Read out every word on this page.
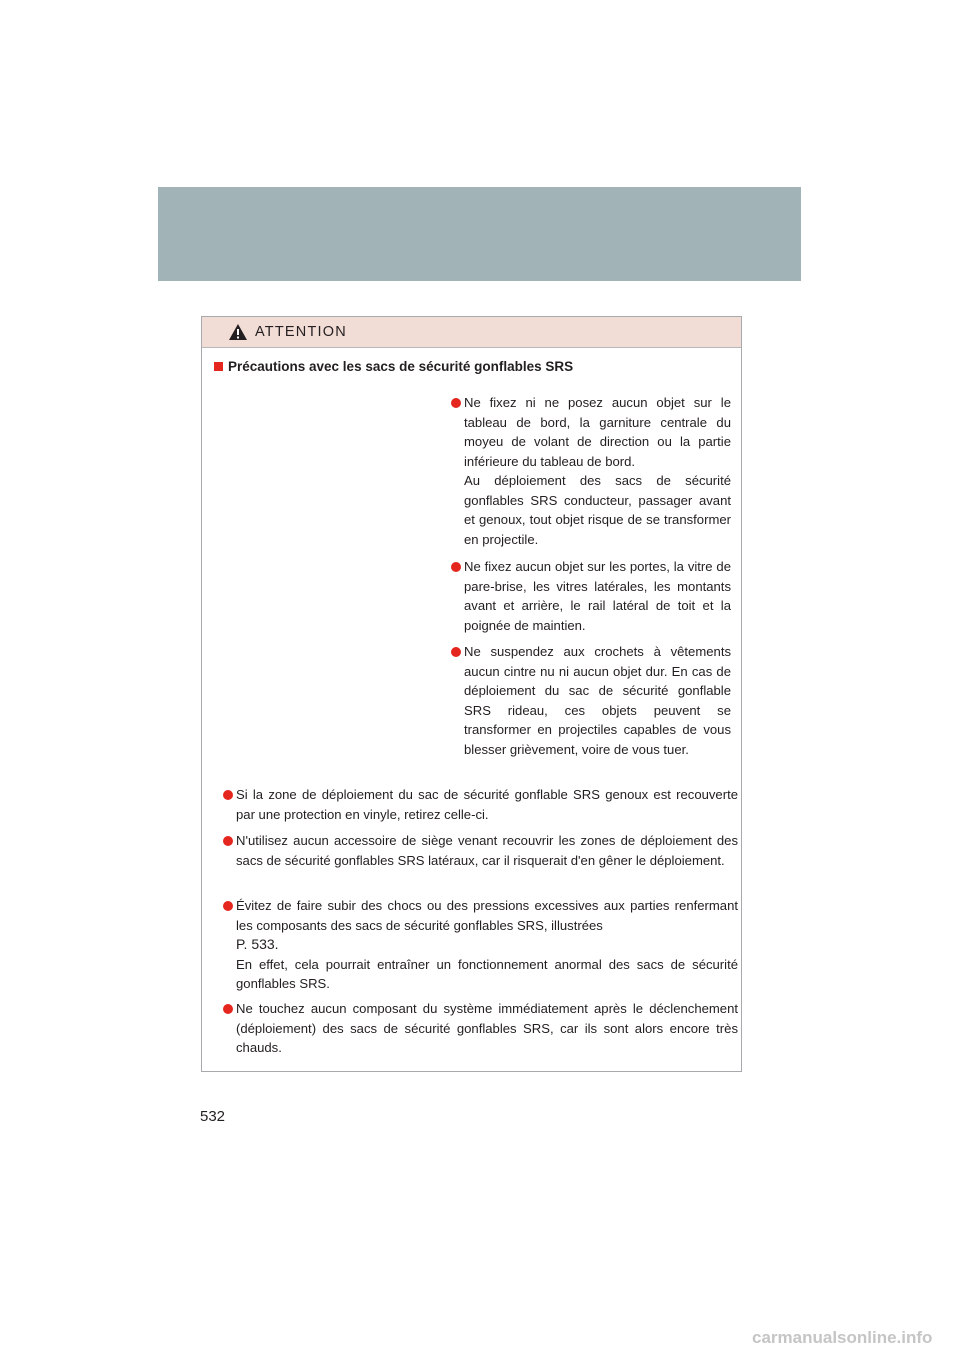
ATTENTION
Précautions avec les sacs de sécurité gonflables SRS

Ne fixez ni ne posez aucun objet sur le tableau de bord, la garniture centrale du moyeu de volant de direction ou la partie inférieure du tableau de bord.

Au déploiement des sacs de sécurité gonflables SRS conducteur, passager avant et genoux, tout objet risque de se transformer en projectile.

Ne fixez aucun objet sur les portes, la vitre de pare-brise, les vitres latérales, les montants avant et arrière, le rail latéral de toit et la poignée de maintien.

Ne suspendez aux crochets à vêtements aucun cintre nu ni aucun objet dur. En cas de déploiement du sac de sécurité gonflable SRS rideau, ces objets peuvent se transformer en projectiles capables de vous blesser grièvement, voire de vous tuer.

Si la zone de déploiement du sac de sécurité gonflable SRS genoux est recouverte par une protection en vinyle, retirez celle-ci.

N'utilisez aucun accessoire de siège venant recouvrir les zones de déploiement des sacs de sécurité gonflables SRS latéraux, car il risquerait d'en gêner le déploiement.

Évitez de faire subir des chocs ou des pressions excessives aux parties renfermant les composants des sacs de sécurité gonflables SRS, illustrées

P. 533.

En effet, cela pourrait entraîner un fonctionnement anormal des sacs de sécurité gonflables SRS.

Ne touchez aucun composant du système immédiatement après le déclenchement (déploiement) des sacs de sécurité gonflables SRS, car ils sont alors encore très chauds.

532
carmanualsonline.info
